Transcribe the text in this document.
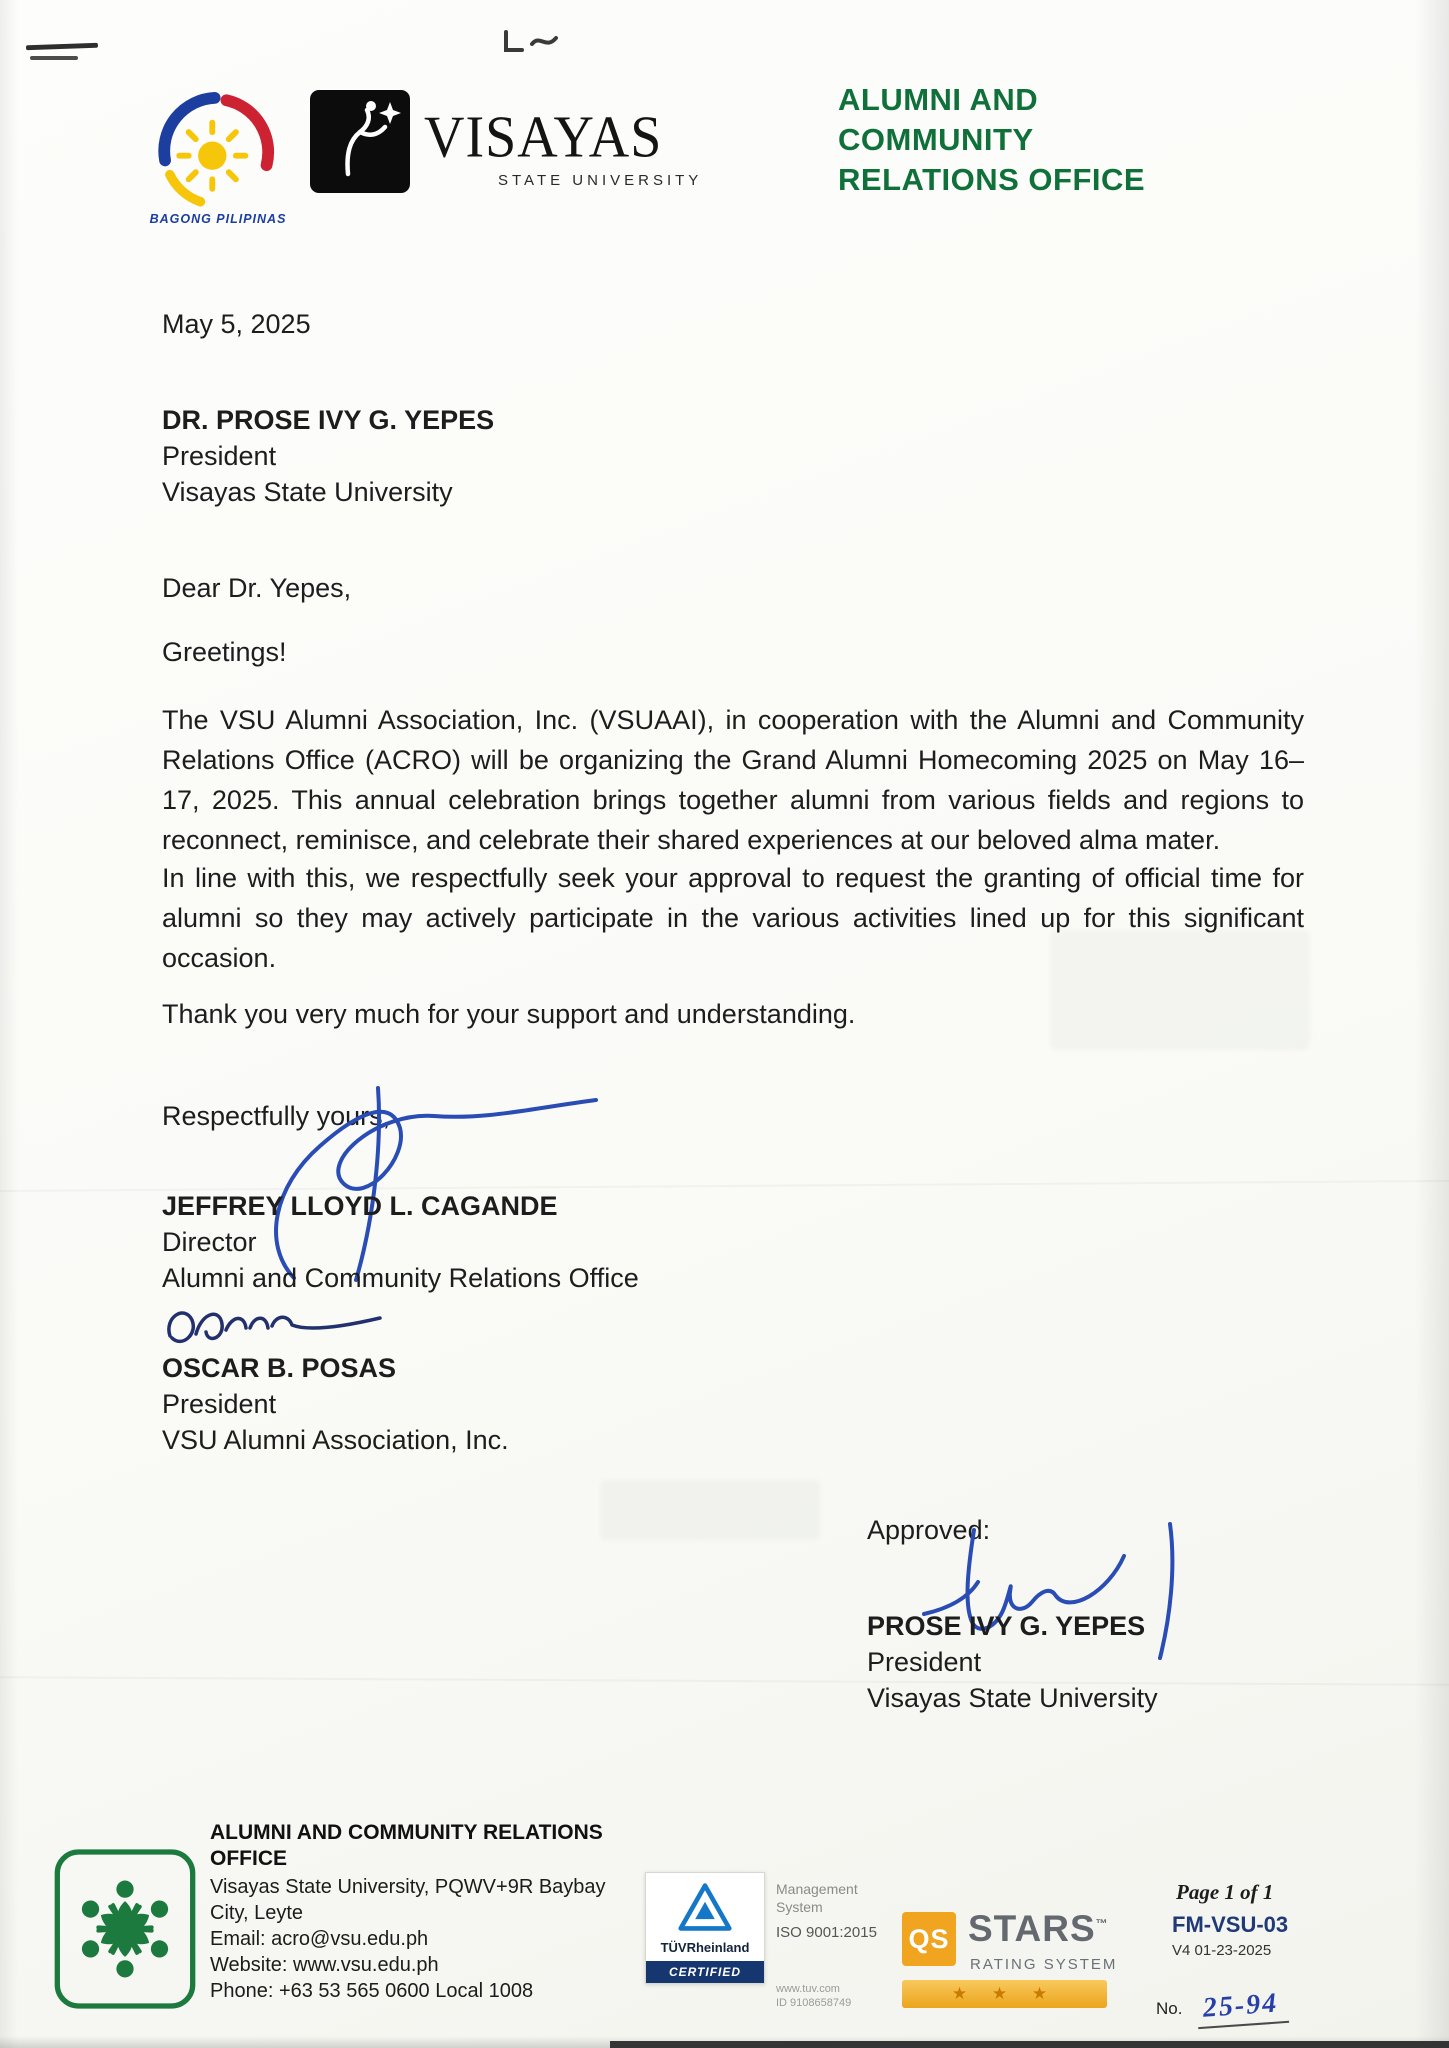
BAGONG PILIPINAS
VISAYAS
STATE UNIVERSITY
ALUMNI AND
COMMUNITY
RELATIONS OFFICE
May 5, 2025
DR. PROSE IVY G. YEPES
President
Visayas State University
Dear Dr. Yepes,
Greetings!
The VSU Alumni Association, Inc. (VSUAAI), in cooperation with the Alumni and Community Relations Office (ACRO) will be organizing the Grand Alumni Homecoming 2025 on May 16–17, 2025. This annual celebration brings together alumni from various fields and regions to reconnect, reminisce, and celebrate their shared experiences at our beloved alma mater.
In line with this, we respectfully seek your approval to request the granting of official time for alumni so they may actively participate in the various activities lined up for this significant occasion.
Thank you very much for your support and understanding.
Respectfully yours,
JEFFREY LLOYD L. CAGANDE
Director
Alumni and Community Relations Office
OSCAR B. POSAS
President
VSU Alumni Association, Inc.
Approved:
PROSE IVY G. YEPES
President
Visayas State University
ALUMNI AND COMMUNITY RELATIONS OFFICE
Visayas State University, PQWV+9R Baybay City, Leyte
Email: acro@vsu.edu.ph
Website: www.vsu.edu.ph
Phone: +63 53 565 0600 Local 1008
TÜVRheinland
CERTIFIED
Management System
ISO 9001:2015
www.tuv.com
ID 9108658749
QS STARS™
RATING SYSTEM
★ ★ ★
Page 1 of 1
FM-VSU-03
V4 01-23-2025
No. 25-94
